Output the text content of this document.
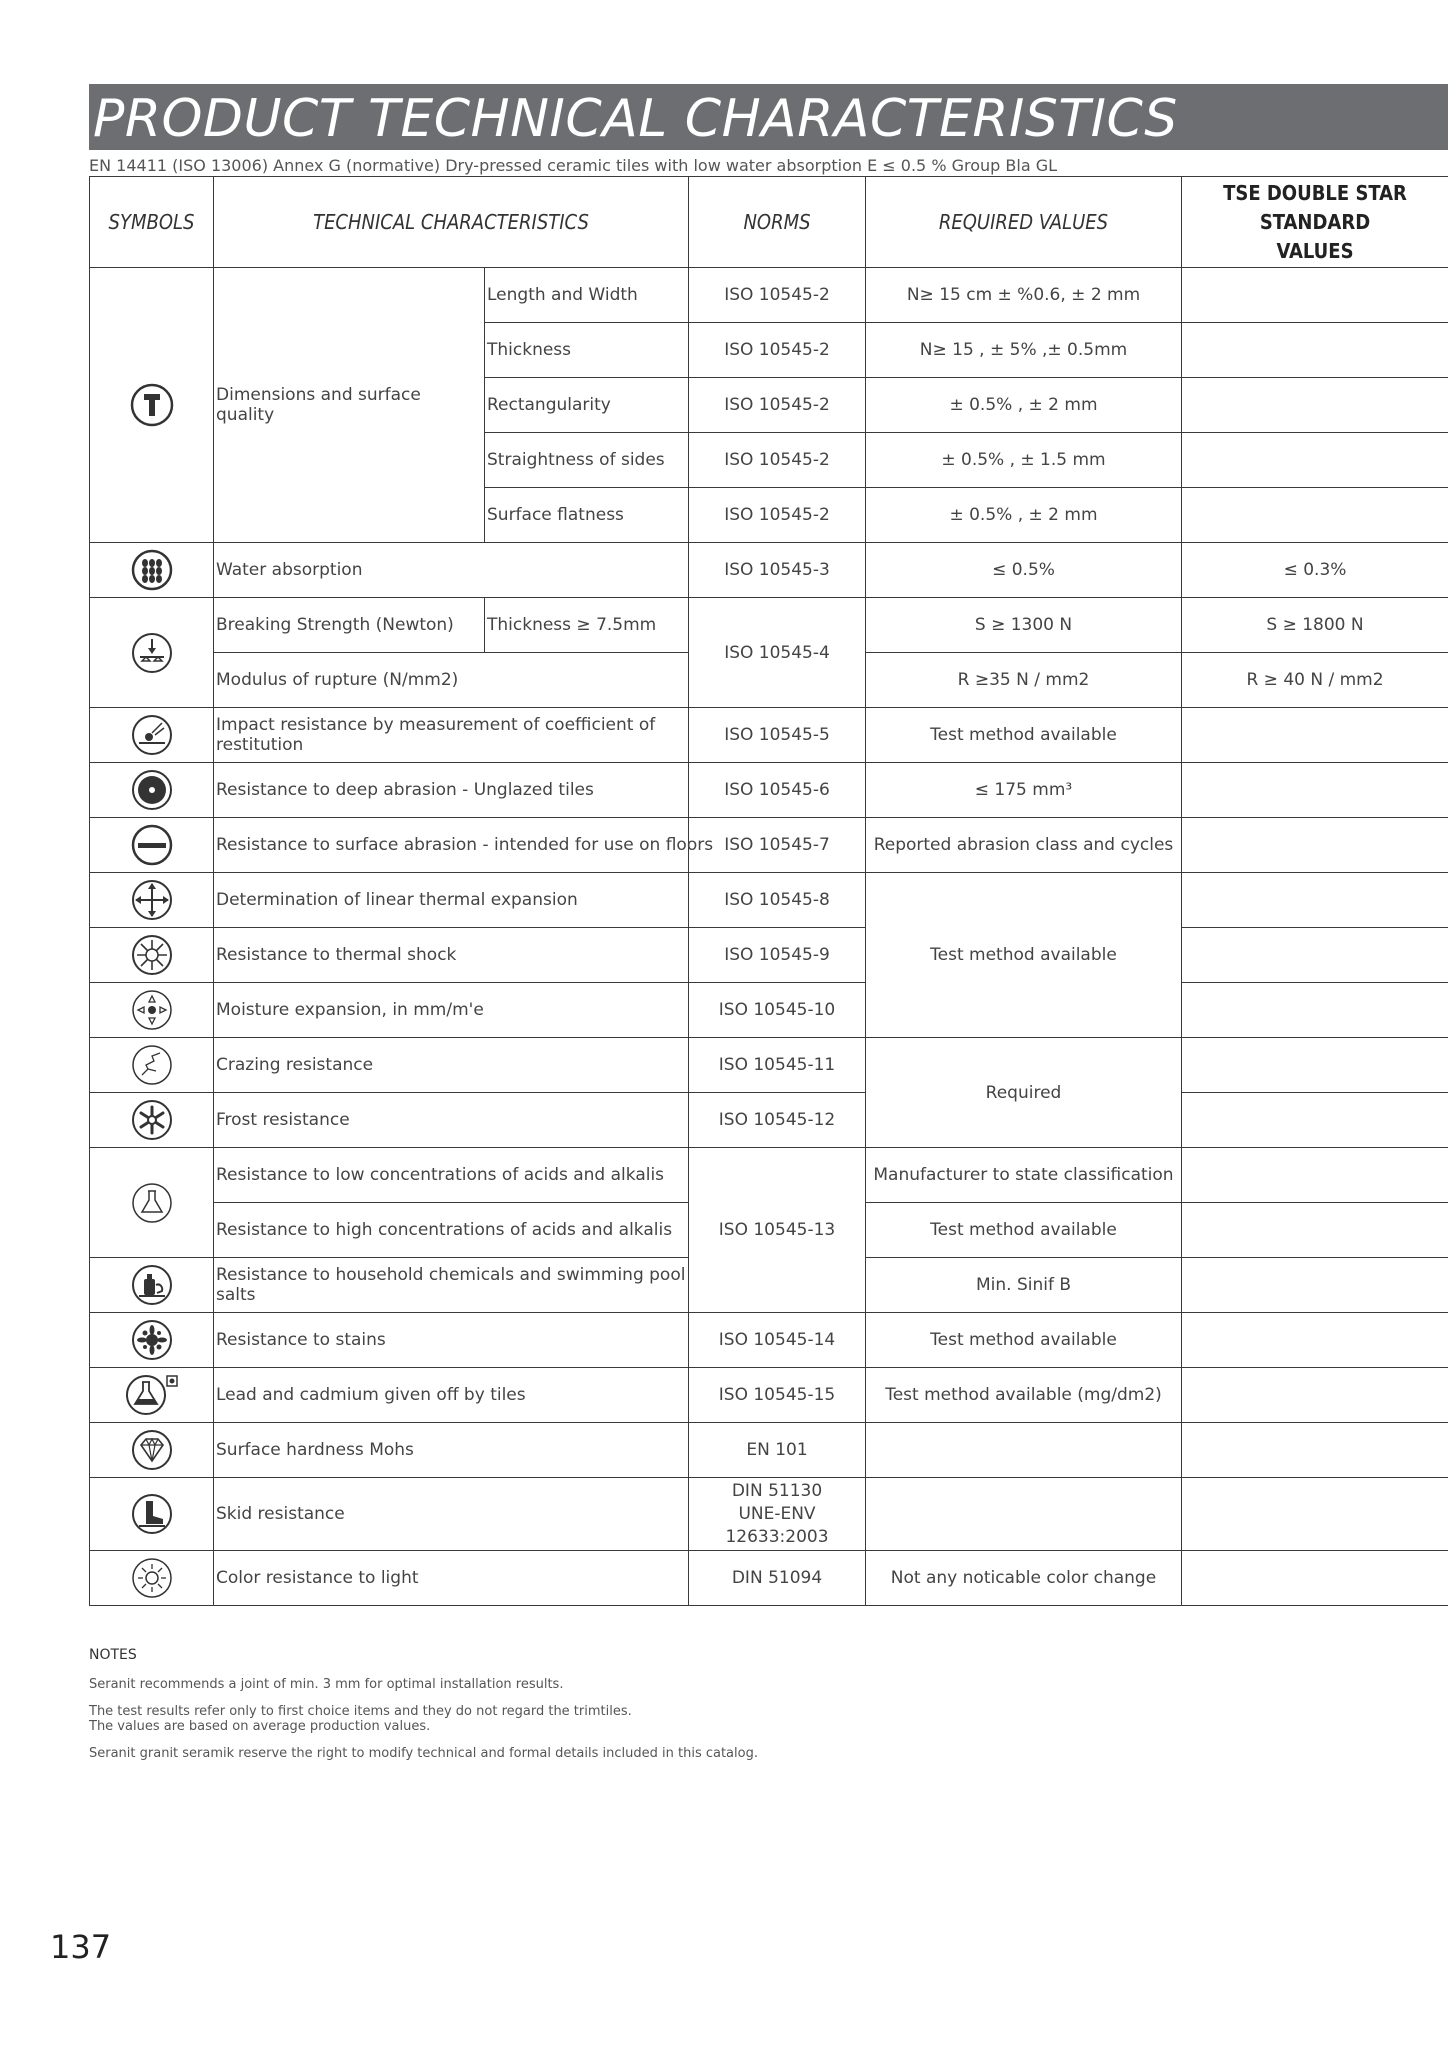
PRODUCT TECHNICAL CHARACTERISTICS
EN 14411 (ISO 13006) Annex G (normative) Dry-pressed ceramic tiles with low water absorption E ≤ 0.5 % Group Bla GL
SYMBOLS	TECHNICAL CHARACTERISTICS		NORMS	REQUIRED VALUES	TSE DOUBLE STAR
STANDARD
VALUES

	Dimensions and surface quality	Length and Width	ISO 10545-2	N≥ 15 cm ± %0.6, ± 2 mm	
		Thickness	ISO 10545-2	N≥ 15 , ± 5% ,± 0.5mm	
		Rectangularity	ISO 10545-2	± 0.5% , ± 2 mm	
		Straightness of sides	ISO 10545-2	± 0.5% , ± 1.5 mm	
		Surface flatness	ISO 10545-2	± 0.5% , ± 2 mm	

	Water absorption		ISO 10545-3	≤ 0.5%	≤ 0.3%

	Breaking Strength (Newton)	Thickness ≥ 7.5mm	ISO 10545-4	S ≥ 1300 N	S ≥ 1800 N
	Modulus of rupture (N/mm2)			R ≥35 N / mm2	R ≥ 40 N / mm2

	Impact resistance by measurement of coefficient of restitution		ISO 10545-5	Test method available	

	Resistance to deep abrasion - Unglazed tiles		ISO 10545-6	≤ 175 mm³	

	Resistance to surface abrasion - intended for use on floors		ISO 10545-7	Reported abrasion class and cycles	

	Determination of linear thermal expansion		ISO 10545-8	Test method available	

	Resistance to thermal shock		ISO 10545-9		

	Moisture expansion, in mm/m'e		ISO 10545-10		

	Crazing resistance		ISO 10545-11	Required	

	Frost resistance		ISO 10545-12		

	Resistance to low concentrations of acids and alkalis		ISO 10545-13	Manufacturer to state classification	
	Resistance to high concentrations of acids and alkalis			Test method available	

	Resistance to household chemicals and swimming pool salts			Min. Sinif B	

	Resistance to stains		ISO 10545-14	Test method available	

	Lead and cadmium given off by tiles		ISO 10545-15	Test method available (mg/dm2)	

	Surface hardness Mohs		EN 101		

	Skid resistance		DIN 51130
UNE-ENV
12633:2003		

	Color resistance to light		DIN 51094	Not any noticable color change	
NOTES

Seranit recommends a joint of min. 3 mm for optimal installation results.

The test results refer only to first choice items and they do not regard the trimtiles.
The values are based on average production values.

Seranit granit seramik reserve the right to modify technical and formal details included in this catalog.

137
